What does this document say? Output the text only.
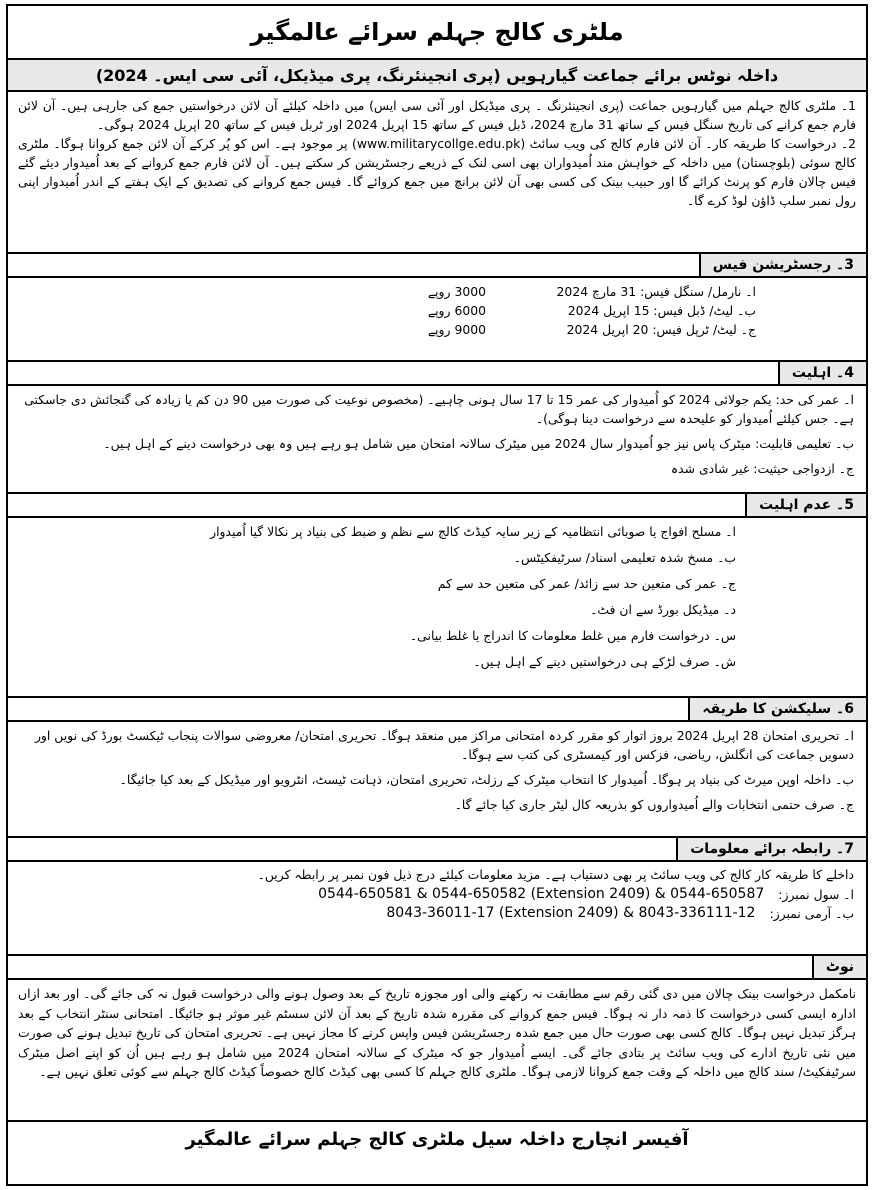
ملٹری کالج جہلم سرائے عالمگیر
داخلہ نوٹس برائے جماعت گیارہویں (پری انجینئرنگ، پری میڈیکل، آئی سی ایس۔ 2024)
1۔ ملٹری کالج جہلم میں گیارہویں جماعت (پری انجینئرنگ ۔ پری میڈیکل اور آئی سی ایس) میں داخلہ کیلئے آن لائن درخواستیں جمع کی جارہی ہیں۔ آن لائن فارم جمع کرانے کی تاریخ سنگل فیس کے ساتھ 31 مارچ 2024، ڈبل فیس کے ساتھ 15 اپریل 2024 اور ٹربل فیس کے ساتھ 20 اپریل 2024 ہوگی۔
2۔ درخواست کا طریقہ کار۔ آن لائن فارم کالج کی ویب سائٹ (www.militarycollge.edu.pk) پر موجود ہے۔ اس کو پُر کرکے آن لائن جمع کروانا ہوگا۔ ملٹری کالج سوئی (بلوچستان) میں داخلہ کے خواہش مند اُمیدواران بھی اسی لنک کے ذریعے رجسٹریشن کر سکتے ہیں۔ آن لائن فارم جمع کروانے کے بعد اُمیدوار دیئے گئے فیس چالان فارم کو پرنٹ کرائے گا اور حبیب بینک کی کسی بھی آن لائن برانچ میں جمع کروائے گا۔ فیس جمع کروانے کی تصدیق کے ایک ہفتے کے اندر اُمیدوار اپنی رول نمبر سلپ ڈاؤن لوڈ کرے گا۔
3۔ رجسٹریشن فیس
ا۔ نارمل/ سنگل فیس: 31 مارچ 2024
3000 روپے
ب۔ لیٹ/ ڈبل فیس: 15 اپریل 2024
6000 روپے
ج۔ لیٹ/ ٹرپل فیس: 20 اپریل 2024
9000 روپے
4۔ اہلیت

ا۔ عمر کی حد: یکم جولائی 2024 کو اُمیدوار کی عمر 15 تا 17 سال ہونی چاہیے۔ (مخصوص نوعیت کی صورت میں 90 دن کم یا زیادہ کی گنجائش دی جاسکتی ہے۔ جس کیلئے اُمیدوار کو علیحدہ سے درخواست دینا ہوگی)۔

ب۔ تعلیمی قابلیت: میٹرک پاس نیز جو اُمیدوار سال 2024 میں میٹرک سالانہ امتحان میں شامل ہو رہے ہیں وہ بھی درخواست دینے کے اہل ہیں۔

ج۔ ازدواجی حیثیت: غیر شادی شدہ

5۔ عدم اہلیت

ا۔ مسلح افواج یا صوبائی انتظامیہ کے زیر سایہ کیڈٹ کالج سے نظم و ضبط کی بنیاد پر نکالا گیا اُمیدوار

ب۔ مسخ شدہ تعلیمی اسناد/ سرٹیفکیٹس۔

ج۔ عمر کی متعین حد سے زائد/ عمر کی متعین حد سے کم

د۔ میڈیکل بورڈ سے ان فٹ۔

س۔ درخواست فارم میں غلط معلومات کا اندراج یا غلط بیانی۔

ش۔ صرف لڑکے ہی درخواستیں دینے کے اہل ہیں۔

6۔ سلیکشن کا طریقہ

ا۔ تحریری امتحان 28 اپریل 2024 بروز اتوار کو مقرر کردہ امتحانی مراکز میں منعقد ہوگا۔ تحریری امتحان/ معروضی سوالات پنجاب ٹیکسٹ بورڈ کی نویں اور دسویں جماعت کی انگلش، ریاضی، فزکس اور کیمسٹری کی کتب سے ہوگا۔

ب۔ داخلہ اوپن میرٹ کی بنیاد پر ہوگا۔ اُمیدوار کا انتخاب میٹرک کے رزلٹ، تحریری امتحان، ذہانت ٹیسٹ، انٹرویو اور میڈیکل کے بعد کیا جائیگا۔

ج۔ صرف حتمی انتخابات والے اُمیدواروں کو بذریعہ کال لیٹر جاری کیا جائے گا۔

7۔ رابطہ برائے معلومات
داخلے کا طریقہ کار کالج کی ویب سائٹ پر بھی دستیاب ہے۔ مزید معلومات کیلئے درج ذیل فون نمبر پر رابطہ کریں۔
ا۔ سول نمبرز:
0544-650581 & 0544-650582 (Extension 2409) & 0544-650587
ب۔ آرمی نمبرز:
8043-36011-17 (Extension 2409) & 8043-336111-12
نوٹ
نامکمل درخواست بینک چالان میں دی گئی رقم سے مطابقت نہ رکھنے والی اور مجوزہ تاریخ کے بعد وصول ہونے والی درخواست قبول نہ کی جائے گی۔ اور بعد ازاں ادارہ ایسی کسی درخواست کا ذمہ دار نہ ہوگا۔ فیس جمع کروانے کی مقررہ شدہ تاریخ کے بعد آن لائن سسٹم غیر موثر ہو جائیگا۔ امتحانی سنٹر انتخاب کے بعد ہرگز تبدیل نہیں ہوگا۔ کالج کسی بھی صورت حال میں جمع شدہ رجسٹریشن فیس واپس کرنے کا مجاز نہیں ہے۔ تحریری امتحان کی تاریخ تبدیل ہونے کی صورت میں نئی تاریخ ادارے کی ویب سائٹ پر بتادی جائے گی۔ ایسے اُمیدوار جو کہ میٹرک کے سالانہ امتحان 2024 میں شامل ہو رہے ہیں اُن کو اپنے اصل میٹرک سرٹیفکیٹ/ سند کالج میں داخلہ کے وقت جمع کروانا لازمی ہوگا۔ ملٹری کالج جہلم کا کسی بھی کیڈٹ کالج خصوصاً کیڈٹ کالج جہلم سے کوئی تعلق نہیں ہے۔
آفیسر انچارج داخلہ سیل ملٹری کالج جہلم سرائے عالمگیر
